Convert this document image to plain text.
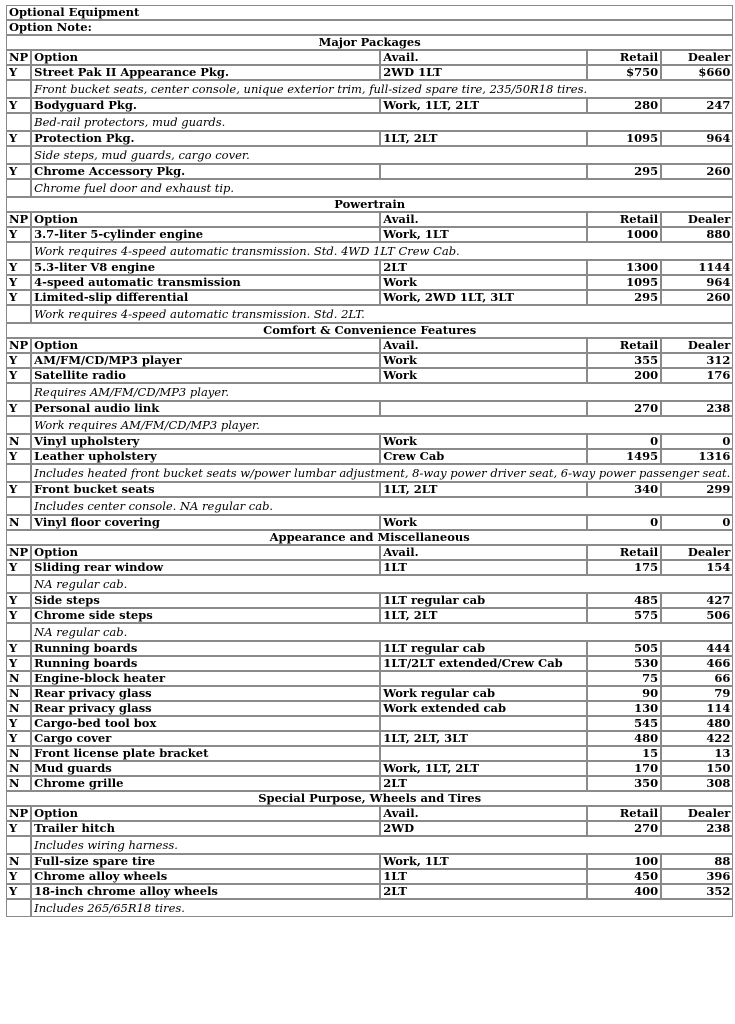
Optional Equipment				
Option Note:				
Major Packages				
NP	Option	Avail.	Retail	Dealer
Y	Street Pak II Appearance Pkg.	2WD 1LT	$750	$660
	Front bucket seats, center console, unique exterior trim, full-sized spare tire, 235/50R18 tires.			
Y	Bodyguard Pkg.	Work, 1LT, 2LT	280	247
	Bed-rail protectors, mud guards.			
Y	Protection Pkg.	1LT, 2LT	1095	964
	Side steps, mud guards, cargo cover.			
Y	Chrome Accessory Pkg.		295	260
	Chrome fuel door and exhaust tip.			
Powertrain				
NP	Option	Avail.	Retail	Dealer
Y	3.7-liter 5-cylinder engine	Work, 1LT	1000	880
	Work requires 4-speed automatic transmission. Std. 4WD 1LT Crew Cab.			
Y	5.3-liter V8 engine	2LT	1300	1144
Y	4-speed automatic transmission	Work	1095	964
Y	Limited-slip differential	Work, 2WD 1LT, 3LT	295	260
	Work requires 4-speed automatic transmission. Std. 2LT.			
Comfort & Convenience Features				
NP	Option	Avail.	Retail	Dealer
Y	AM/FM/CD/MP3 player	Work	355	312
Y	Satellite radio	Work	200	176
	Requires AM/FM/CD/MP3 player.			
Y	Personal audio link		270	238
	Work requires AM/FM/CD/MP3 player.			
N	Vinyl upholstery	Work	0	0
Y	Leather upholstery	Crew Cab	1495	1316
	Includes heated front bucket seats w/power lumbar adjustment, 8-way power driver seat, 6-way power passenger seat.			
Y	Front bucket seats	1LT, 2LT	340	299
	Includes center console. NA regular cab.			
N	Vinyl floor covering	Work	0	0
Appearance and Miscellaneous				
NP	Option	Avail.	Retail	Dealer
Y	Sliding rear window	1LT	175	154
	NA regular cab.			
Y	Side steps	1LT regular cab	485	427
Y	Chrome side steps	1LT, 2LT	575	506
	NA regular cab.			
Y	Running boards	1LT regular cab	505	444
Y	Running boards	1LT/2LT extended/Crew Cab	530	466
N	Engine-block heater		75	66
N	Rear privacy glass	Work regular cab	90	79
N	Rear privacy glass	Work extended cab	130	114
Y	Cargo-bed tool box		545	480
Y	Cargo cover	1LT, 2LT, 3LT	480	422
N	Front license plate bracket		15	13
N	Mud guards	Work, 1LT, 2LT	170	150
N	Chrome grille	2LT	350	308
Special Purpose, Wheels and Tires				
NP	Option	Avail.	Retail	Dealer
Y	Trailer hitch	2WD	270	238
	Includes wiring harness.			
N	Full-size spare tire	Work, 1LT	100	88
Y	Chrome alloy wheels	1LT	450	396
Y	18-inch chrome alloy wheels	2LT	400	352
	Includes 265/65R18 tires.			
